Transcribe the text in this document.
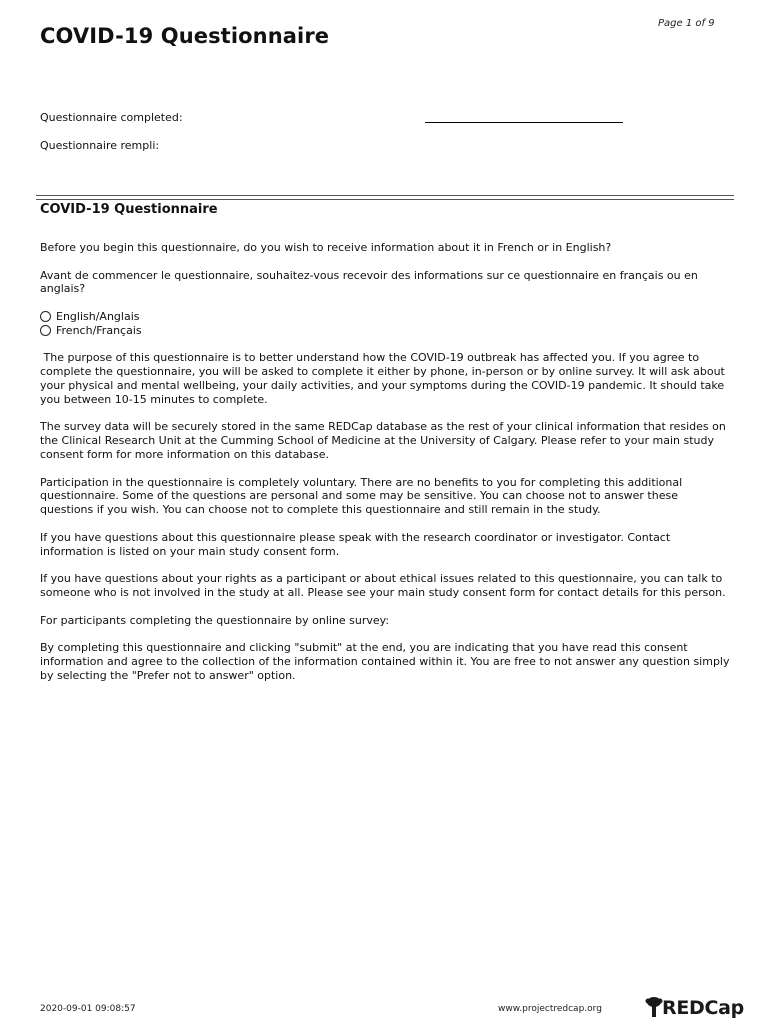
Page 1 of 9
COVID-19 Questionnaire
Questionnaire completed:
Questionnaire rempli:
COVID-19 Questionnaire

Before you begin this questionnaire, do you wish to receive information about it in French or in English?

Avant de commencer le questionnaire, souhaitez-vous recevoir des informations sur ce questionnaire en français ou en anglais?

English/Anglais
French/Français

The purpose of this questionnaire is to better understand how the COVID-19 outbreak has affected you. If you agree to complete the questionnaire, you will be asked to complete it either by phone, in-person or by online survey. It will ask about your physical and mental wellbeing, your daily activities, and your symptoms during the COVID-19 pandemic. It should take you between 10-15 minutes to complete.

The survey data will be securely stored in the same REDCap database as the rest of your clinical information that resides on the Clinical Research Unit at the Cumming School of Medicine at the University of Calgary. Please refer to your main study consent form for more information on this database.

Participation in the questionnaire is completely voluntary. There are no benefits to you for completing this additional questionnaire. Some of the questions are personal and some may be sensitive. You can choose not to answer these questions if you wish. You can choose not to complete this questionnaire and still remain in the study.

If you have questions about this questionnaire please speak with the research coordinator or investigator. Contact information is listed on your main study consent form.

If you have questions about your rights as a participant or about ethical issues related to this questionnaire, you can talk to someone who is not involved in the study at all. Please see your main study consent form for contact details for this person.

For participants completing the questionnaire by online survey:

By completing this questionnaire and clicking "submit" at the end, you are indicating that you have read this consent information and agree to the collection of the information contained within it. You are free to not answer any question simply by selecting the "Prefer not to answer" option.

2020-09-01 09:08:57	www.projectredcap.org	REDCap
